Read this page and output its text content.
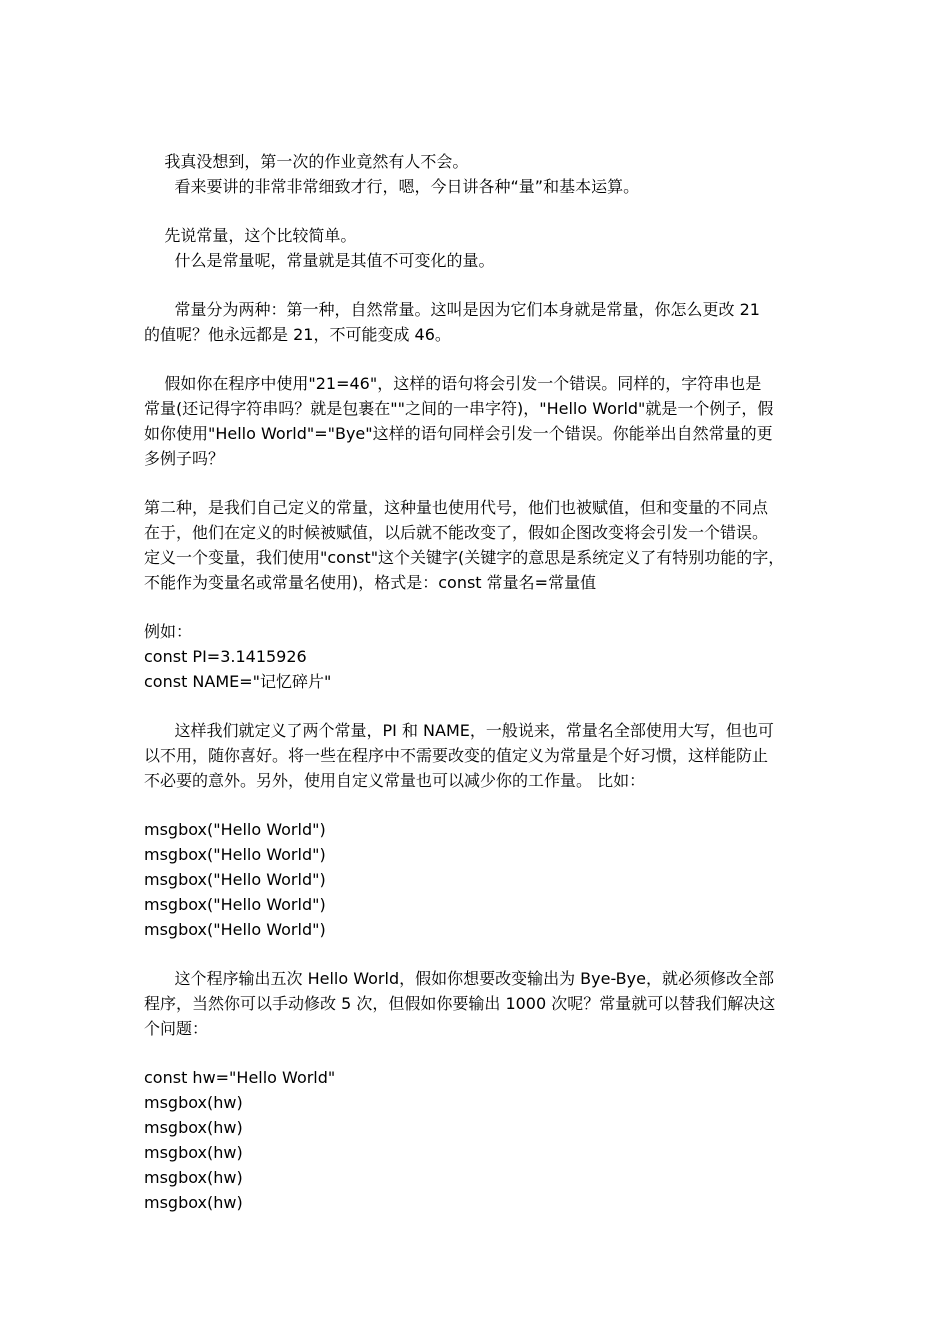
我真没想到，第一次的作业竟然有人不会。
看来要讲的非常非常细致才行，嗯，今日讲各种“量”和基本运算。
先说常量，这个比较简单。
什么是常量呢，常量就是其值不可变化的量。
常量分为两种：第一种，自然常量。这叫是因为它们本身就是常量，你怎么更改 21
的值呢？他永远都是 21，不可能变成 46。
假如你在程序中使用"21=46"，这样的语句将会引发一个错误。同样的，字符串也是
常量(还记得字符串吗？就是包裹在""之间的一串字符)，"Hello World"就是一个例子，假
如你使用"Hello World"="Bye"这样的语句同样会引发一个错误。你能举出自然常量的更
多例子吗？
第二种，是我们自己定义的常量，这种量也使用代号，他们也被赋值，但和变量的不同点
在于，他们在定义的时候被赋值，以后就不能改变了，假如企图改变将会引发一个错误。
定义一个变量，我们使用"const"这个关键字(关键字的意思是系统定义了有特别功能的字，
不能作为变量名或常量名使用)，格式是：const 常量名=常量值
例如：
const PI=3.1415926
const NAME="记忆碎片"
这样我们就定义了两个常量，PI 和 NAME，一般说来，常量名全部使用大写，但也可
以不用，随你喜好。将一些在程序中不需要改变的值定义为常量是个好习惯，这样能防止
不必要的意外。另外，使用自定义常量也可以减少你的工作量。 比如：
msgbox("Hello World")
msgbox("Hello World")
msgbox("Hello World")
msgbox("Hello World")
msgbox("Hello World")
这个程序输出五次 Hello World，假如你想要改变输出为 Bye-Bye，就必须修改全部
程序，当然你可以手动修改 5 次，但假如你要输出 1000 次呢？常量就可以替我们解决这
个问题：
const hw="Hello World"
msgbox(hw)
msgbox(hw)
msgbox(hw)
msgbox(hw)
msgbox(hw)
